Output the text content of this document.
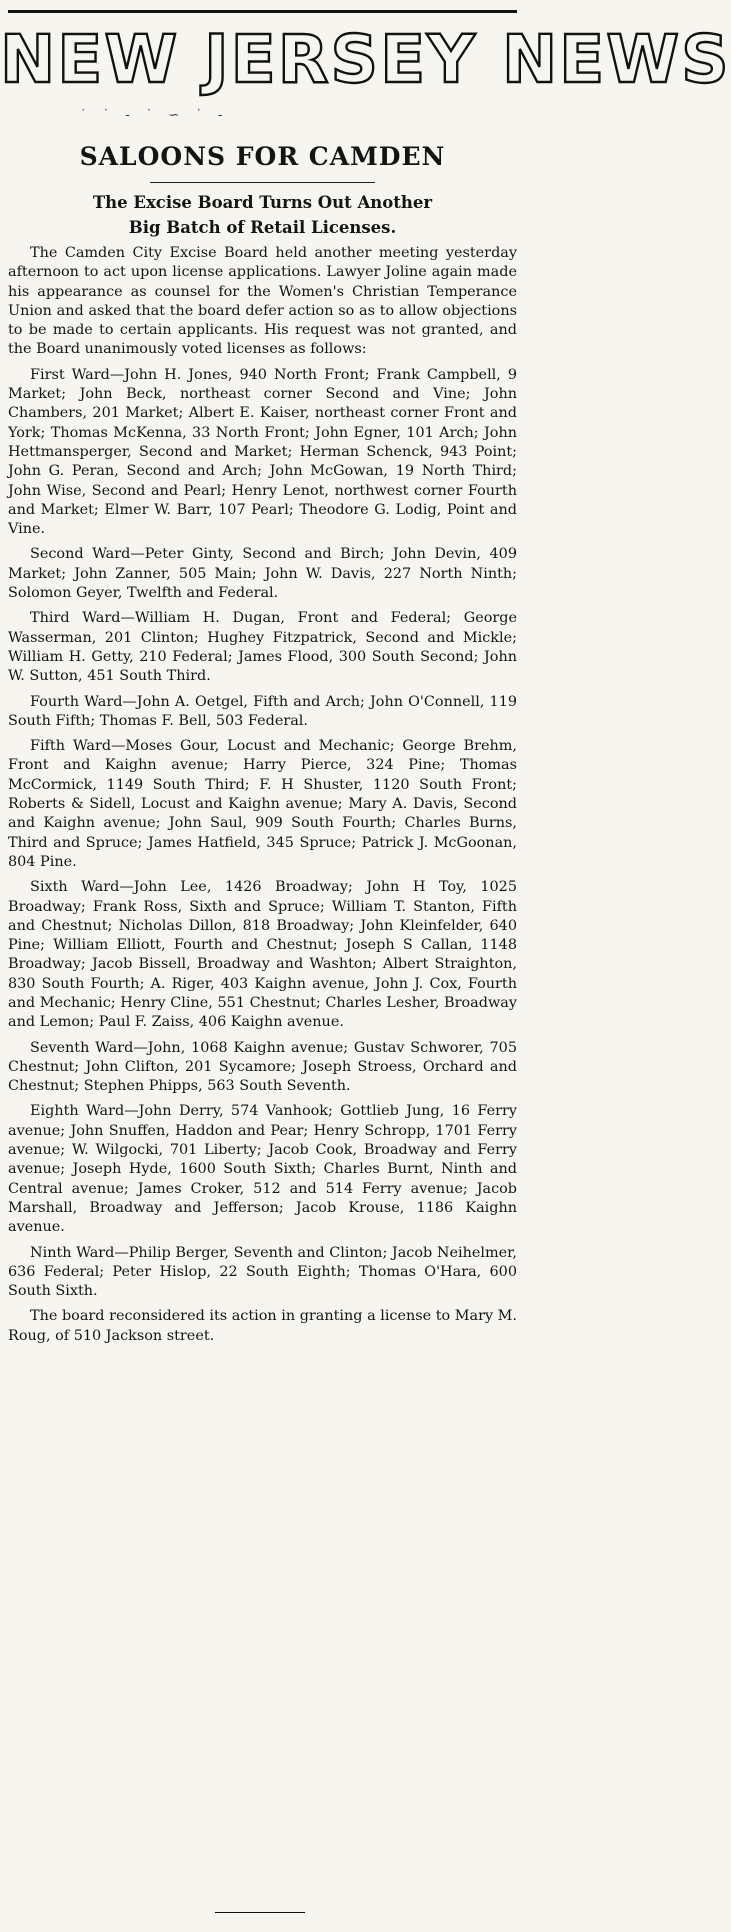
NEW JERSEY NEWS
˙ ˙ - ˙ ∽ ˙ -
SALOONS FOR CAMDEN
The Excise Board Turns Out Another
Big Batch of Retail Licenses.

The Camden City Excise Board held another meeting yesterday afternoon to act upon license applications. Lawyer Joline again made his appearance as counsel for the Women's Christian Temperance Union and asked that the board defer action so as to allow objections to be made to certain applicants. His request was not granted, and the Board unanimously voted licenses as follows:

First Ward—John H. Jones, 940 North Front; Frank Campbell, 9 Market; John Beck, northeast corner Second and Vine; John Chambers, 201 Market; Albert E. Kaiser, northeast corner Front and York; Thomas McKenna, 33 North Front; John Egner, 101 Arch; John Hettmansperger, Second and Market; Herman Schenck, 943 Point; John G. Peran, Second and Arch; John McGowan, 19 North Third; John Wise, Second and Pearl; Henry Lenot, northwest corner Fourth and Market; Elmer W. Barr, 107 Pearl; Theodore G. Lodig, Point and Vine.

Second Ward—Peter Ginty, Second and Birch; John Devin, 409 Market; John Zanner, 505 Main; John W. Davis, 227 North Ninth; Solomon Geyer, Twelfth and Federal.

Third Ward—William H. Dugan, Front and Federal; George Wasserman, 201 Clinton; Hughey Fitzpatrick, Second and Mickle; William H. Getty, 210 Federal; James Flood, 300 South Second; John W. Sutton, 451 South Third.

Fourth Ward—John A. Oetgel, Fifth and Arch; John O'Connell, 119 South Fifth; Thomas F. Bell, 503 Federal.

Fifth Ward—Moses Gour, Locust and Mechanic; George Brehm, Front and Kaighn avenue; Harry Pierce, 324 Pine; Thomas McCormick, 1149 South Third; F. H Shuster, 1120 South Front; Roberts & Sidell, Locust and Kaighn avenue; Mary A. Davis, Second and Kaighn avenue; John Saul, 909 South Fourth; Charles Burns, Third and Spruce; James Hatfield, 345 Spruce; Patrick J. McGoonan, 804 Pine.

Sixth Ward—John Lee, 1426 Broadway; John H Toy, 1025 Broadway; Frank Ross, Sixth and Spruce; William T. Stanton, Fifth and Chestnut; Nicholas Dillon, 818 Broadway; John Kleinfelder, 640 Pine; William Elliott, Fourth and Chestnut; Joseph S Callan, 1148 Broadway; Jacob Bissell, Broadway and Washton; Albert Straighton, 830 South Fourth; A. Riger, 403 Kaighn avenue, John J. Cox, Fourth and Mechanic; Henry Cline, 551 Chestnut; Charles Lesher, Broadway and Lemon; Paul F. Zaiss, 406 Kaighn avenue.

Seventh Ward—John, 1068 Kaighn avenue; Gustav Schworer, 705 Chestnut; John Clifton, 201 Sycamore; Joseph Stroess, Orchard and Chestnut; Stephen Phipps, 563 South Seventh.

Eighth Ward—John Derry, 574 Vanhook; Gottlieb Jung, 16 Ferry avenue; John Snuffen, Haddon and Pear; Henry Schropp, 1701 Ferry avenue; W. Wilgocki, 701 Liberty; Jacob Cook, Broadway and Ferry avenue; Joseph Hyde, 1600 South Sixth; Charles Burnt, Ninth and Central avenue; James Croker, 512 and 514 Ferry avenue; Jacob Marshall, Broadway and Jefferson; Jacob Krouse, 1186 Kaighn avenue.

Ninth Ward—Philip Berger, Seventh and Clinton; Jacob Neihelmer, 636 Federal; Peter Hislop, 22 South Eighth; Thomas O'Hara, 600 South Sixth.

The board reconsidered its action in granting a license to Mary M. Roug, of 510 Jackson street.
